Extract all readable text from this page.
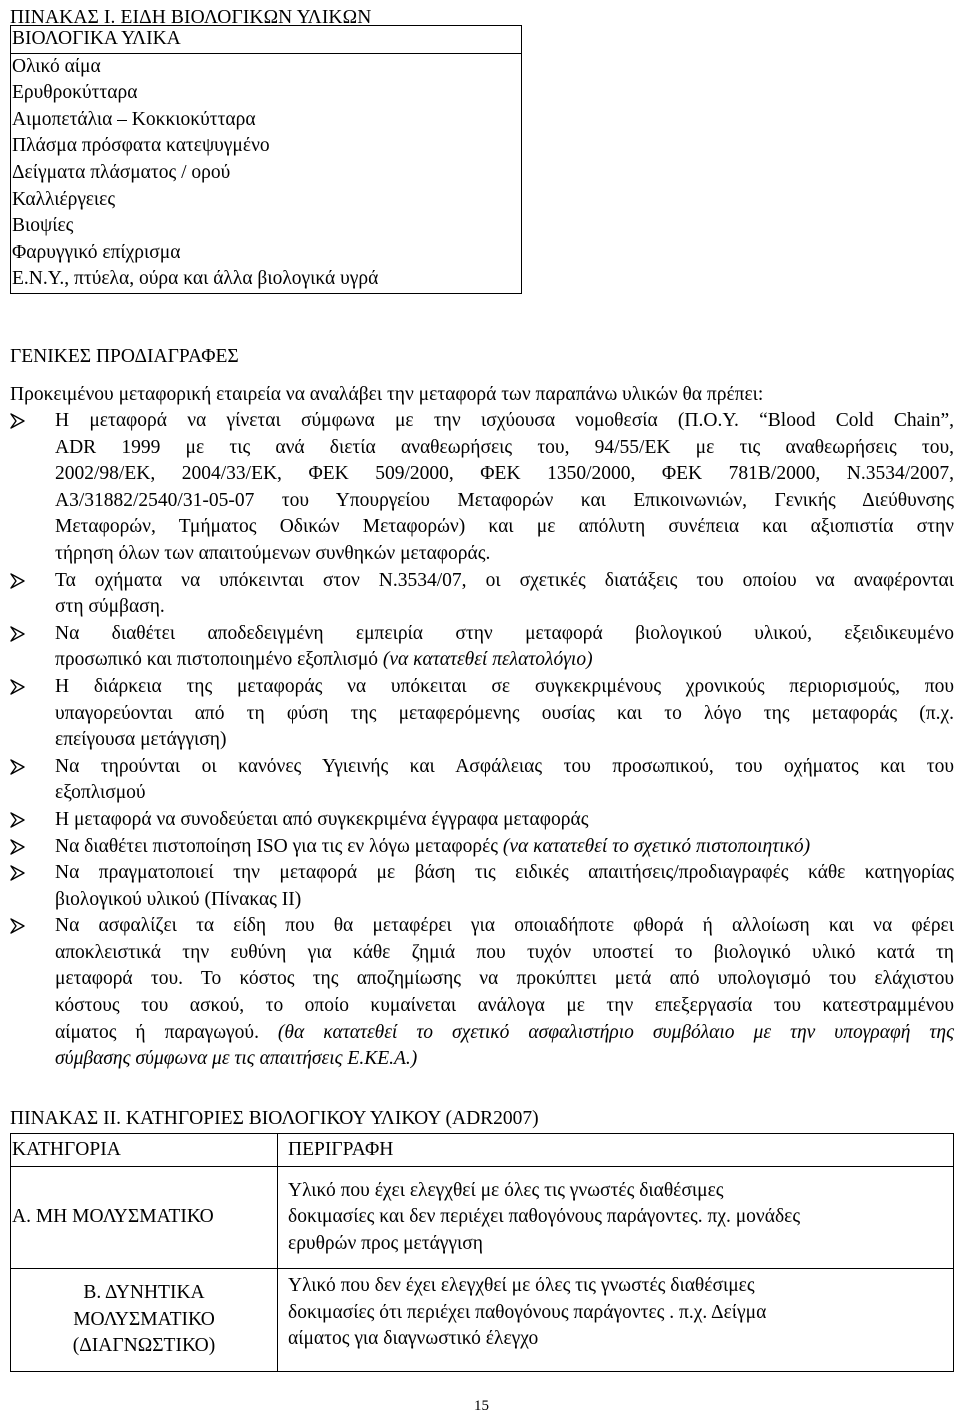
ΠΙΝΑΚΑΣ Ι. ΕΙΔΗ ΒΙΟΛΟΓΙΚΩΝ ΥΛΙΚΩΝ
ΒΙΟΛΟΓΙΚΑ ΥΛΙΚΑ
Ολικό αίμα
Ερυθροκύτταρα
Αιμοπετάλια – Κοκκιοκύτταρα
Πλάσμα πρόσφατα κατεψυγμένο
Δείγματα πλάσματος / ορού
Καλλιέργειες
Βιοψίες
Φαρυγγικό επίχρισμα
Ε.Ν.Υ., πτύελα, ούρα και άλλα βιολογικά υγρά
ΓΕΝΙΚΕΣ ΠΡΟΔΙΑΓΡΑΦΕΣ
Προκειμένου μεταφορική εταιρεία να αναλάβει την μεταφορά των παραπάνω υλικών θα πρέπει:
Η μεταφορά να γίνεται σύμφωνα με την ισχύουσα νομοθεσία (Π.Ο.Υ. “Blood Cold Chain”,
ADR 1999 με τις ανά διετία αναθεωρήσεις του, 94/55/ΕΚ με τις αναθεωρήσεις του,
2002/98/ΕΚ, 2004/33/ΕΚ, ΦΕΚ 509/2000, ΦΕΚ 1350/2000, ΦΕΚ 781Β/2000, Ν.3534/2007,
Α3/31882/2540/31-05-07 του Υπουργείου Μεταφορών και Επικοινωνιών, Γενικής Διεύθυνσης
Μεταφορών, Τμήματος Οδικών Μεταφορών) και με απόλυτη συνέπεια και αξιοπιστία στην
τήρηση όλων των απαιτούμενων συνθηκών μεταφοράς.
Τα οχήματα να υπόκεινται στον Ν.3534/07, οι σχετικές διατάξεις του οποίου να αναφέρονται
στη σύμβαση.
Να διαθέτει αποδεδειγμένη εμπειρία στην μεταφορά βιολογικού υλικού, εξειδικευμένο
προσωπικό και πιστοποιημένο εξοπλισμό (να κατατεθεί πελατολόγιο)
Η διάρκεια της μεταφοράς να υπόκειται σε συγκεκριμένους χρονικούς περιορισμούς, που
υπαγορεύονται από τη φύση της μεταφερόμενης ουσίας και το λόγο της μεταφοράς (π.χ.
επείγουσα μετάγγιση)
Να τηρούνται οι κανόνες Υγιεινής και Ασφάλειας του προσωπικού, του οχήματος και του
εξοπλισμού
Η μεταφορά να συνοδεύεται από συγκεκριμένα έγγραφα μεταφοράς
Να διαθέτει πιστοποίηση ISO για τις εν λόγω μεταφορές (να κατατεθεί το σχετικό πιστοποιητικό)
Να πραγματοποιεί την μεταφορά με βάση τις ειδικές απαιτήσεις/προδιαγραφές κάθε κατηγορίας
βιολογικού υλικού (Πίνακας ΙΙ)
Να ασφαλίζει τα είδη που θα μεταφέρει για οποιαδήποτε φθορά ή αλλοίωση και να φέρει
αποκλειστικά την ευθύνη για κάθε ζημιά που τυχόν υποστεί το βιολογικό υλικό κατά τη
μεταφορά του. Το κόστος της αποζημίωσης να προκύπτει μετά από υπολογισμό του ελάχιστου
κόστους του ασκού, το οποίο κυμαίνεται ανάλογα με την επεξεργασία του κατεστραμμένου
αίματος ή παραγωγού. (θα κατατεθεί το σχετικό ασφαλιστήριο συμβόλαιο με την υπογραφή της
σύμβασης σύμφωνα με τις απαιτήσεις Ε.ΚΕ.Α.)
ΠΙΝΑΚΑΣ ΙΙ. ΚΑΤΗΓΟΡΙΕΣ ΒΙΟΛΟΓΙΚΟΥ ΥΛΙΚΟΥ (ADR2007)
ΚΑΤΗΓΟΡΙΑ	ΠΕΡΙΓΡΑΦΗ
Α. ΜΗ ΜΟΛΥΣΜΑΤΙΚΟ	Υλικό που έχει ελεγχθεί με όλες τις γνωστές διαθέσιμες
δοκιμασίες και δεν περιέχει παθογόνους παράγοντες. πχ. μονάδες
ερυθρών προς μετάγγιση

Β. ΔΥΝΗΤΙΚΑ
ΜΟΛΥΣΜΑΤΙΚΟ
(ΔΙΑΓΝΩΣΤΙΚΟ)	Υλικό που δεν έχει ελεγχθεί με όλες τις γνωστές διαθέσιμες
δοκιμασίες ότι περιέχει παθογόνους παράγοντες . π.χ. Δείγμα
αίματος για διαγνωστικό έλεγχο
15
